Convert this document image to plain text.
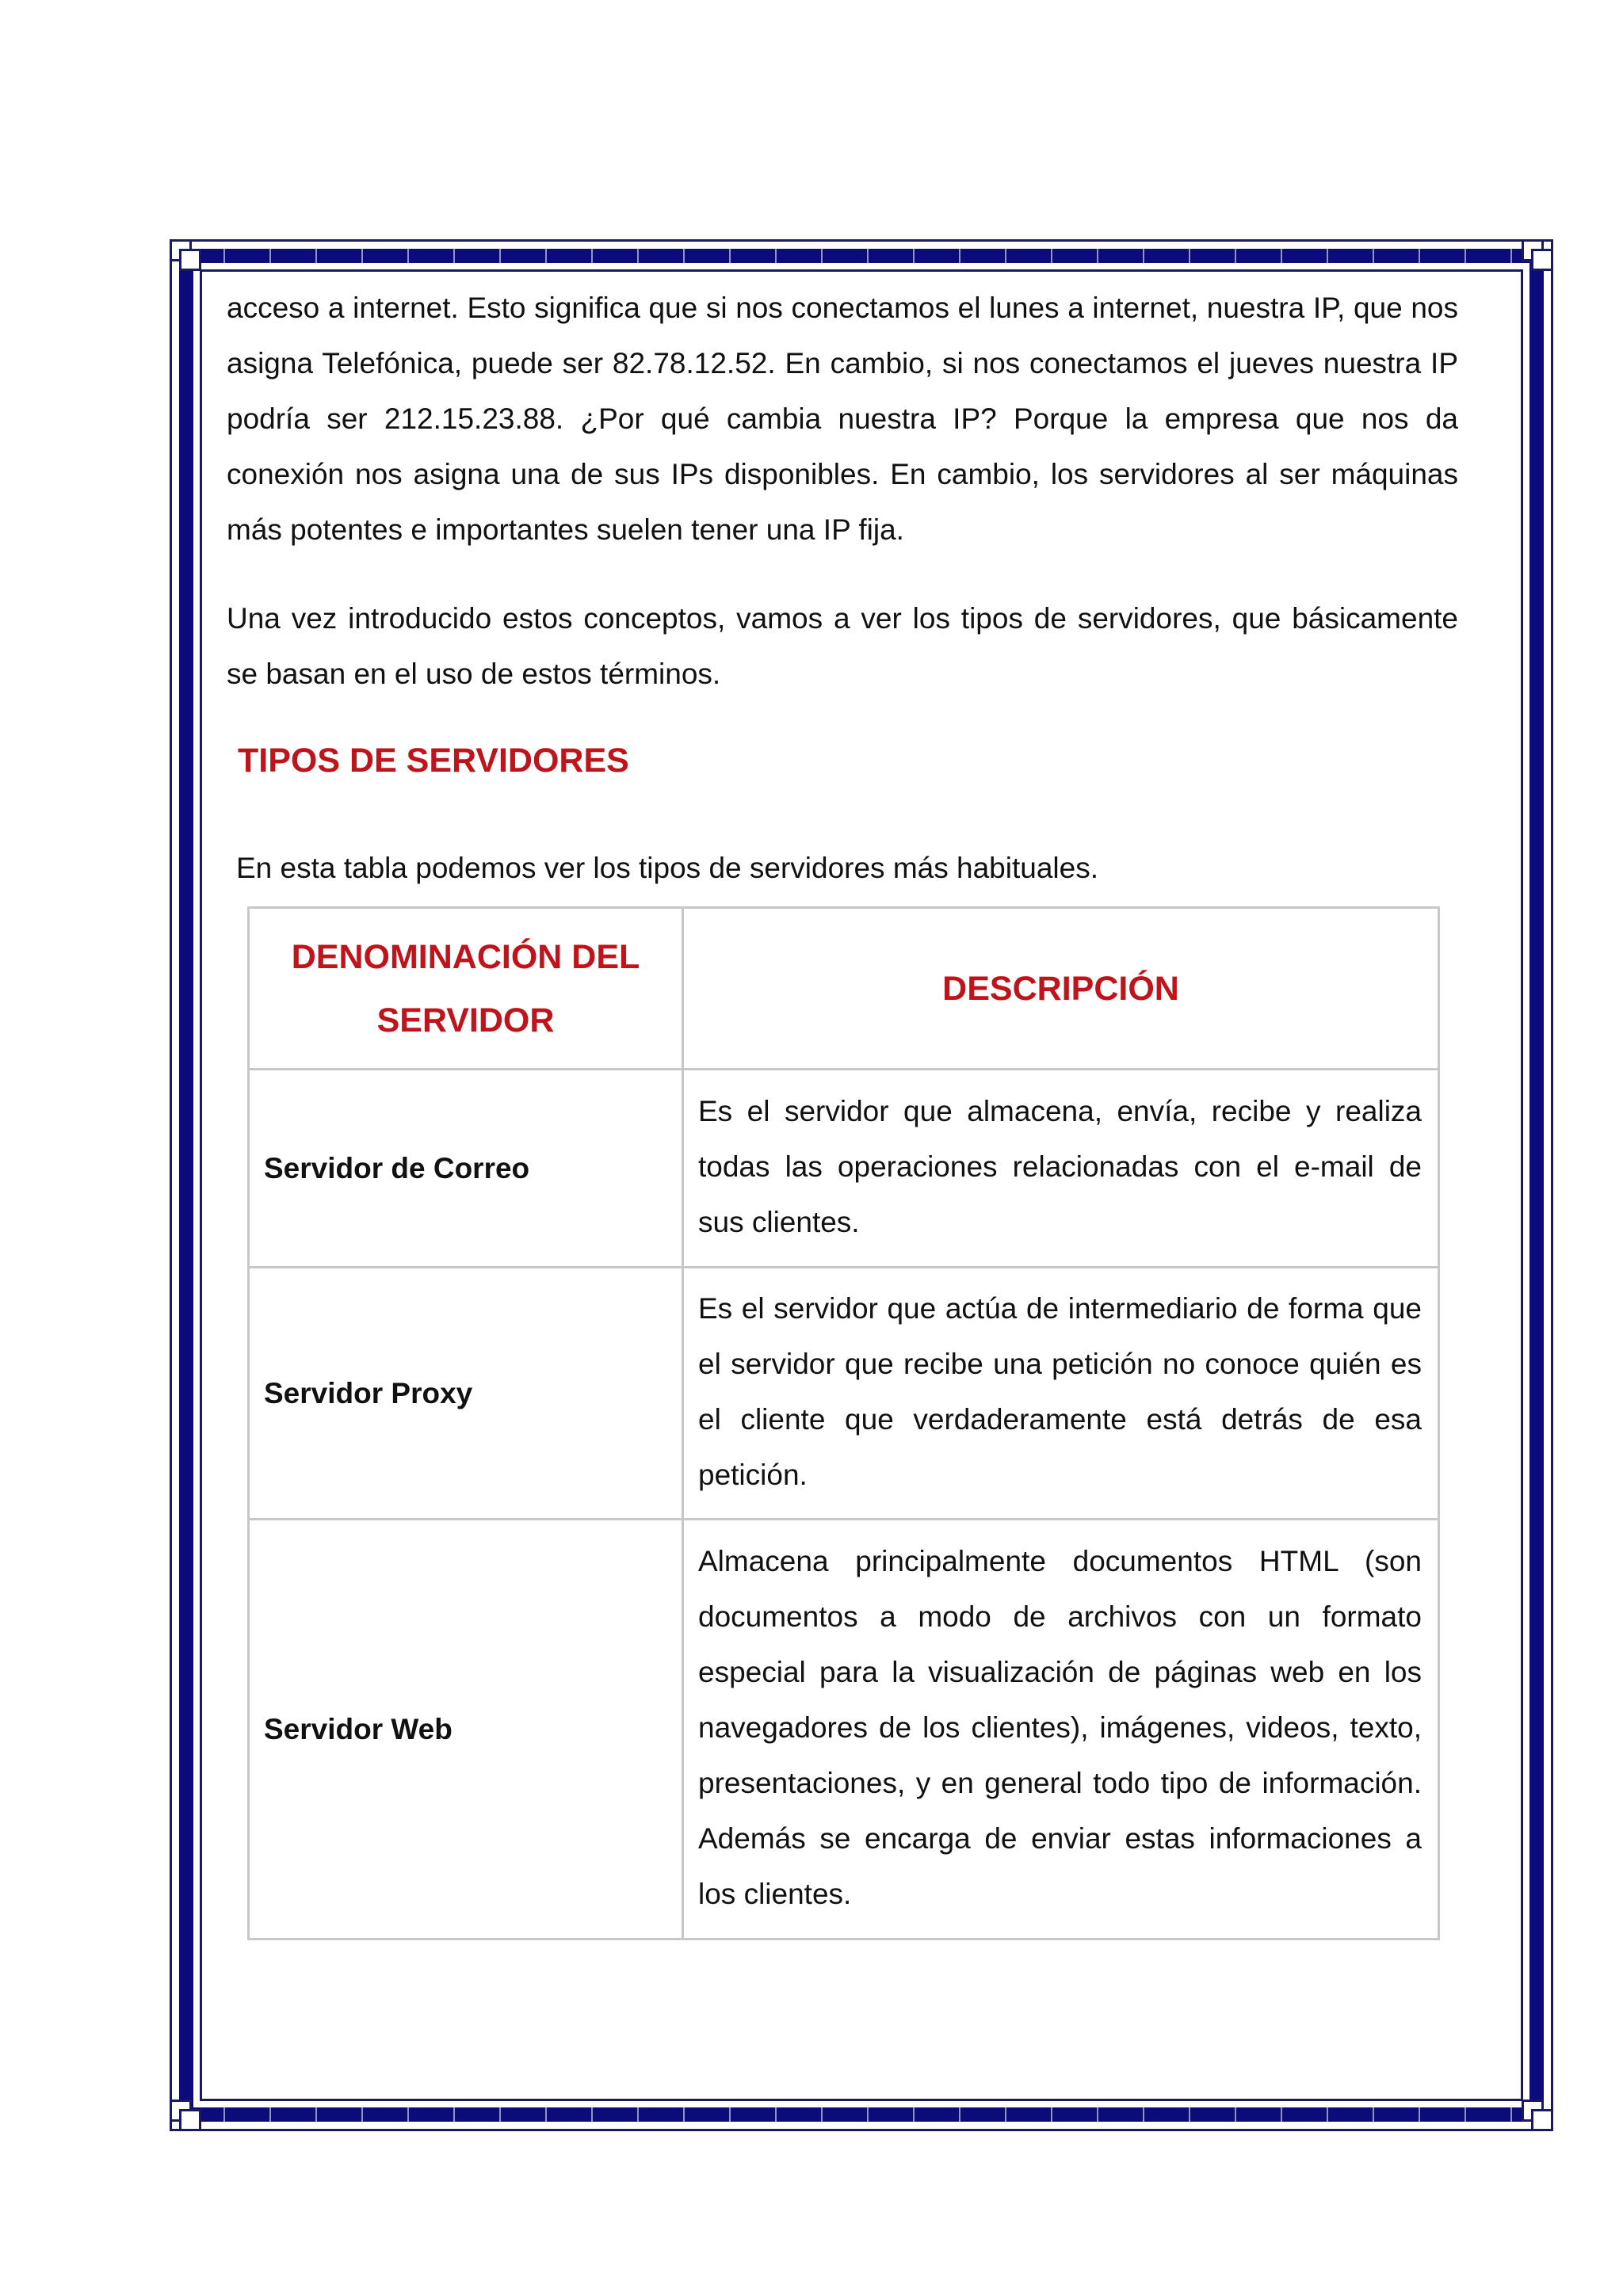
acceso a internet. Esto significa que si nos conectamos el lunes a internet, nuestra IP, que nos asigna Telefónica, puede ser 82.78.12.52. En cambio, si nos conectamos el jueves nuestra IP podría ser 212.15.23.88. ¿Por qué cambia nuestra IP? Porque la empresa que nos da conexión nos asigna una de sus IPs disponibles. En cambio, los servidores al ser máquinas más potentes e importantes suelen tener una IP fija.

Una vez introducido estos conceptos, vamos a ver los tipos de servidores, que básicamente se basan en el uso de estos términos.

TIPOS DE SERVIDORES

En esta tabla podemos ver los tipos de servidores más habituales.

DENOMINACIÓN DEL SERVIDOR	DESCRIPCIÓN
Servidor de Correo	Es el servidor que almacena, envía, recibe y realiza todas las operaciones relacionadas con el e-mail de sus clientes.
Servidor Proxy	Es el servidor que actúa de intermediario de forma que el servidor que recibe una petición no conoce quién es el cliente que verdaderamente está detrás de esa petición.
Servidor Web	Almacena principalmente documentos HTML (son documentos a modo de archivos con un formato especial para la visualización de páginas web en los navegadores de los clientes), imágenes, videos, texto, presentaciones, y en general todo tipo de información. Además se encarga de enviar estas informaciones a los clientes.
